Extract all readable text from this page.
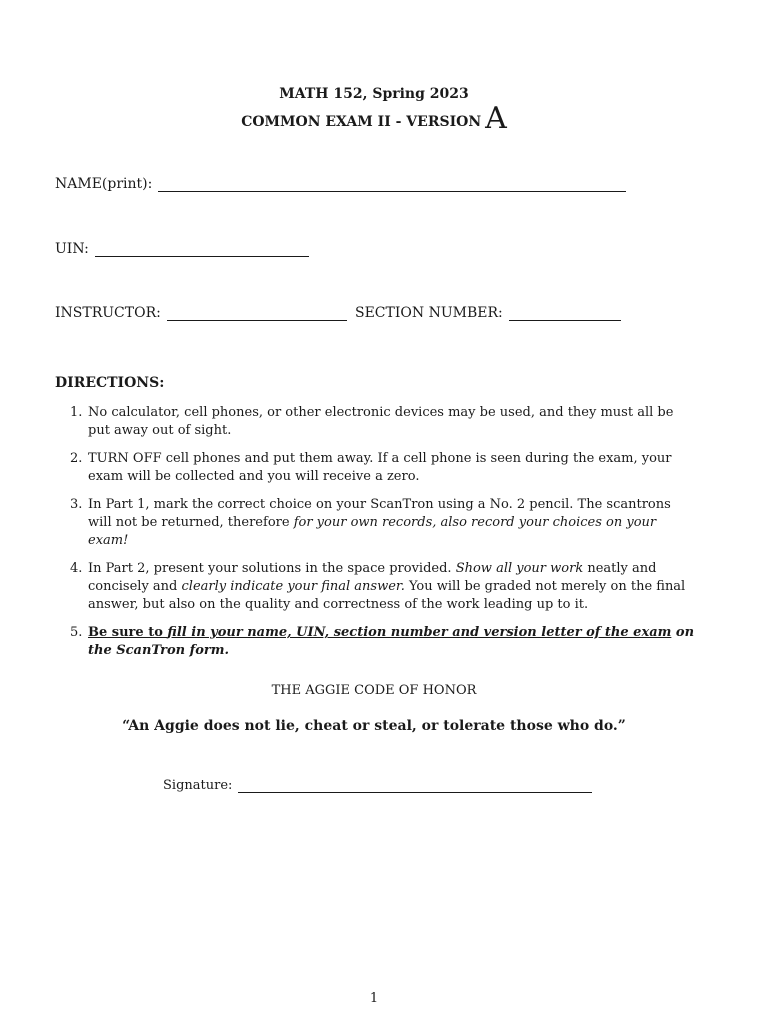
MATH 152, Spring 2023
COMMON EXAM II - VERSION A
NAME(print):
UIN:
INSTRUCTOR:	SECTION NUMBER:
DIRECTIONS:
1. No calculator, cell phones, or other electronic devices may be used, and they must all be put away out of sight.
2. TURN OFF cell phones and put them away. If a cell phone is seen during the exam, your exam will be collected and you will receive a zero.
3. In Part 1, mark the correct choice on your ScanTron using a No. 2 pencil. The scantrons will not be returned, therefore for your own records, also record your choices on your exam!
4. In Part 2, present your solutions in the space provided. Show all your work neatly and concisely and clearly indicate your final answer. You will be graded not merely on the final answer, but also on the quality and correctness of the work leading up to it.
5. Be sure to fill in your name, UIN, section number and version letter of the exam on the ScanTron form.
THE AGGIE CODE OF HONOR
“An Aggie does not lie, cheat or steal, or tolerate those who do.”
Signature:
1
